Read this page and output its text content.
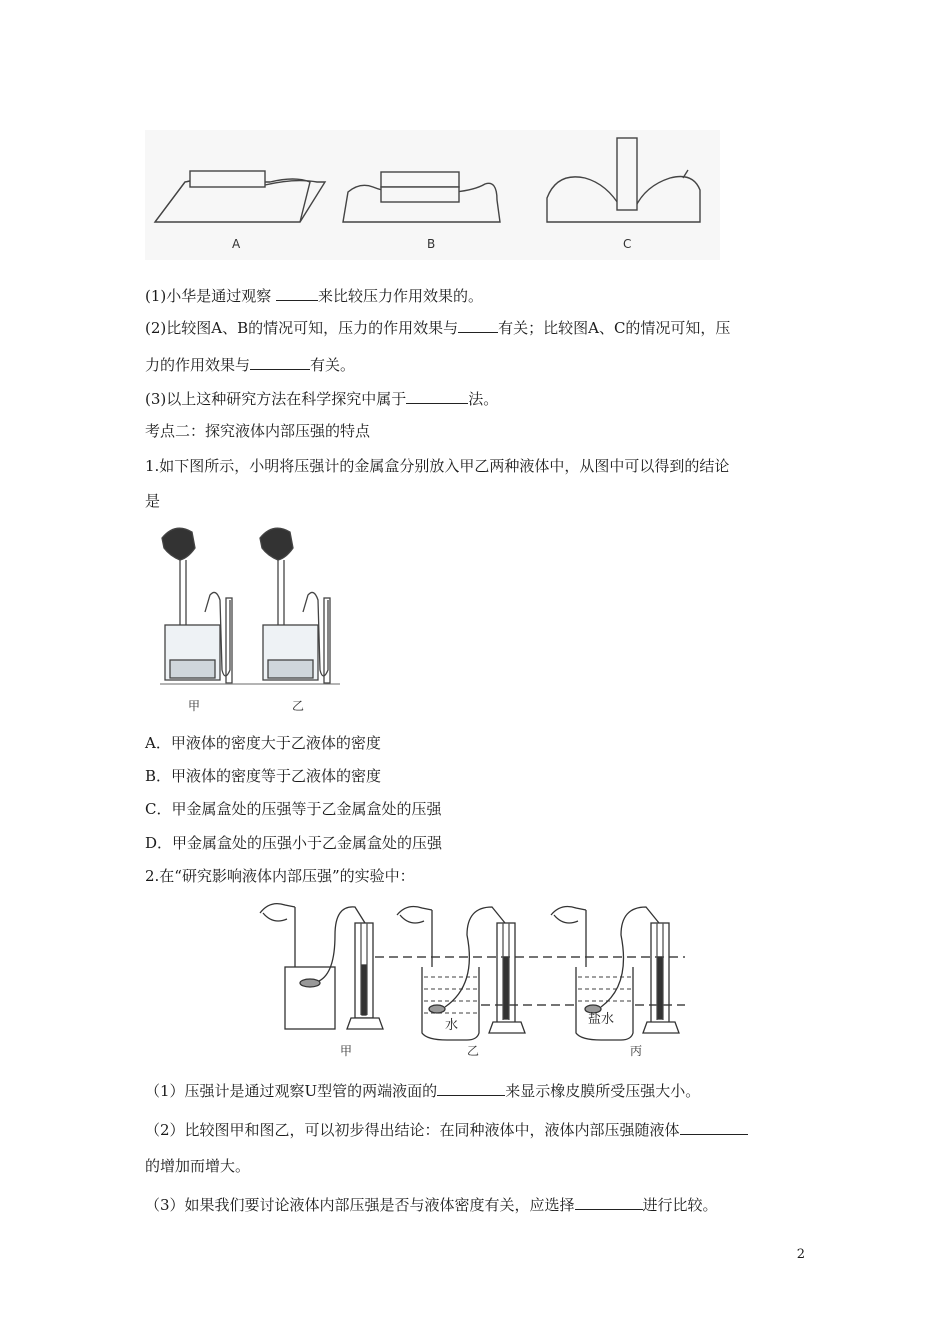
A	B	C
(1)小华是通过观察	来比较压力作用效果的。
(2)比较图A、B的情况可知，压力的作用效果与	有关；比较图A、C的情况可知，压
力的作用效果与	有关。
(3)以上这种研究方法在科学探究中属于	法。
考点二：探究液体内部压强的特点
1.如下图所示，小明将压强计的金属盒分别放入甲乙两种液体中，从图中可以得到的结论
是
甲	乙
A．甲液体的密度大于乙液体的密度
B．甲液体的密度等于乙液体的密度
C．甲金属盒处的压强等于乙金属盒处的压强
D．甲金属盒处的压强小于乙金属盒处的压强
2.在“研究影响液体内部压强”的实验中：
水	盐水
甲	乙	丙
（1）压强计是通过观察U型管的两端液面的	来显示橡皮膜所受压强大小。
（2）比较图甲和图乙，可以初步得出结论：在同种液体中，液体内部压强随液体
的增加而增大。
（3）如果我们要讨论液体内部压强是否与液体密度有关，应选择	进行比较。
2
